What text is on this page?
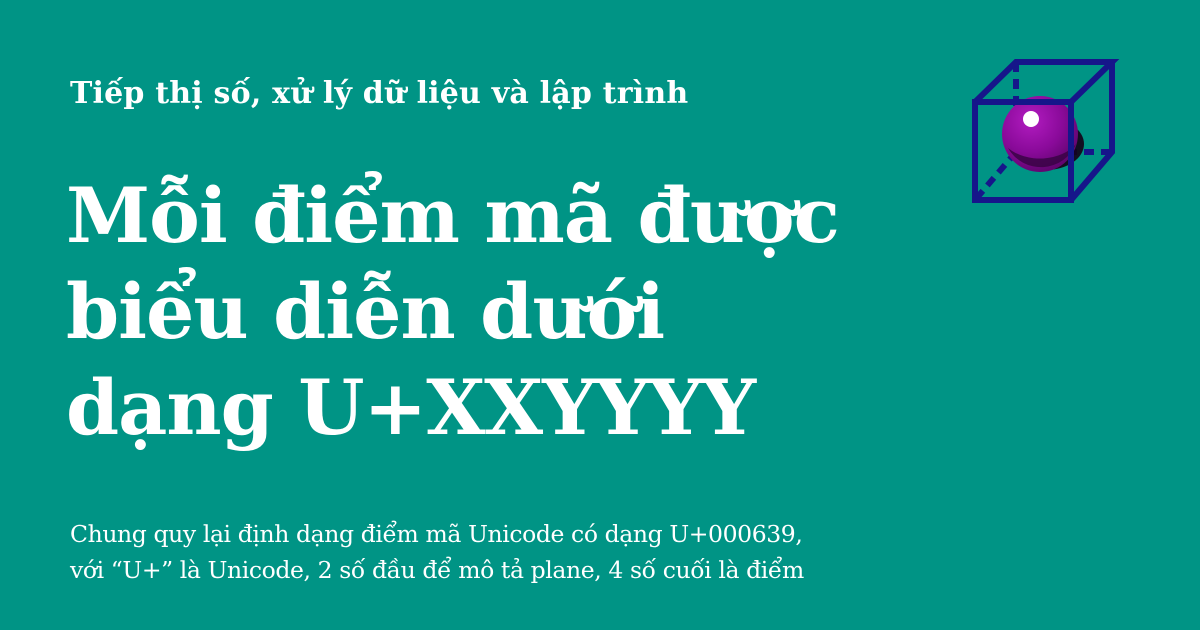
Tiếp thị số, xử lý dữ liệu và lập trình
Mỗi điểm mã được
biểu diễn dưới
dạng U+XXYYYY
Chung quy lại định dạng điểm mã Unicode có dạng U+000639,
với “U+” là Unicode, 2 số đầu để mô tả plane, 4 số cuối là điểm
